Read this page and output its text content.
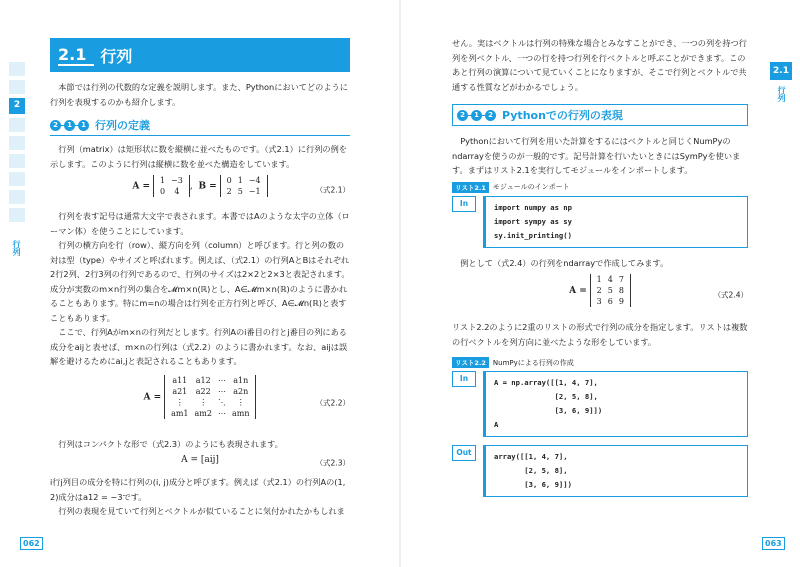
2
行列
062
2.1 行列

本節では行列の代数的な定義を説明します。また、Pythonにおいてどのように行列を表現するのかも紹介します。

2	1	1 行列の定義

行列（matrix）は矩形状に数を縦横に並べたものです。（式2.1）に行列の例を示します。このように行列は縦横に数を並べた構造をしています。

A =
1	−3
0	4 ,  B =
0	1	−4
2	5	−1	（式2.1）

行列を表す記号は通常大文字で表されます。本書ではAのような太字の立体（ローマン体）を使うことにしています。

行列の横方向を行（row）、縦方向を列（column）と呼びます。行と列の数の対は型（type）やサイズと呼ばれます。例えば、（式2.1）の行列AとBはそれぞれ2行2列、2行3列の行列であるので、行列のサイズは2×2と2×3と表記されます。成分が実数のm×n行列の集合を𝓜m×n(ℝ)とし、A∈𝓜m×n(ℝ)のように書かれることもあります。特にm=nの場合は行列を正方行列と呼び、A∈𝓜n(ℝ)と表すこともあります。

ここで、行列Aがm×nの行列だとします。行列Aのi番目の行とj番目の列にある成分をaijと表せば、m×nの行列は（式2.2）のように書かれます。なお、aijは誤解を避けるためにai,jと表記されることもあります。

A =
a11	a12	⋯	a1n
a21	a22	⋯	a2n
⋮	⋮	⋱	⋮
am1	am2	⋯	amn
（式2.2）

行列はコンパクトな形で（式2.3）のようにも表現されます。

A = [aij]	（式2.3）

i行j列目の成分を特に行列の(i, j)成分と呼びます。例えば（式2.1）の行列Aの(1, 2)成分はa12 = −3です。

行列の表現を見ていて行列とベクトルが似ていることに気付かれたかもしれま

2.1
行列
063

せん。実はベクトルは行列の特殊な場合とみなすことができ、一つの列を持つ行列を列ベクトル、一つの行を持つ行列を行ベクトルと呼ぶことができます。このあと行列の演算について見ていくことになりますが、そこで行列とベクトルで共通する性質などがわかるでしょう。

2	1	2 Pythonでの行列の表現

Pythonにおいて行列を用いた計算をするにはベクトルと同じくNumPyのndarrayを使うのが一般的です。記号計算を行いたいときにはSymPyを使います。まずはリスト2.1を実行してモジュールをインポートします。

リスト2.1	モジュールのインポート
In	import numpy as np
import sympy as sy
sy.init_printing()

例として（式2.4）の行列をndarrayで作成してみます。

A =
1	4	7
2	5	8
3	6	9
（式2.4）

リスト2.2のように2重のリストの形式で行列の成分を指定します。リストは複数の行ベクトルを列方向に並べたような形をしています。

リスト2.2	NumPyによる行列の作成
In	A = np.array([[1, 4, 7],
[2, 5, 8],
[3, 6, 9]])
A
Out	array([[1, 4, 7],
[2, 5, 8],
[3, 6, 9]])
